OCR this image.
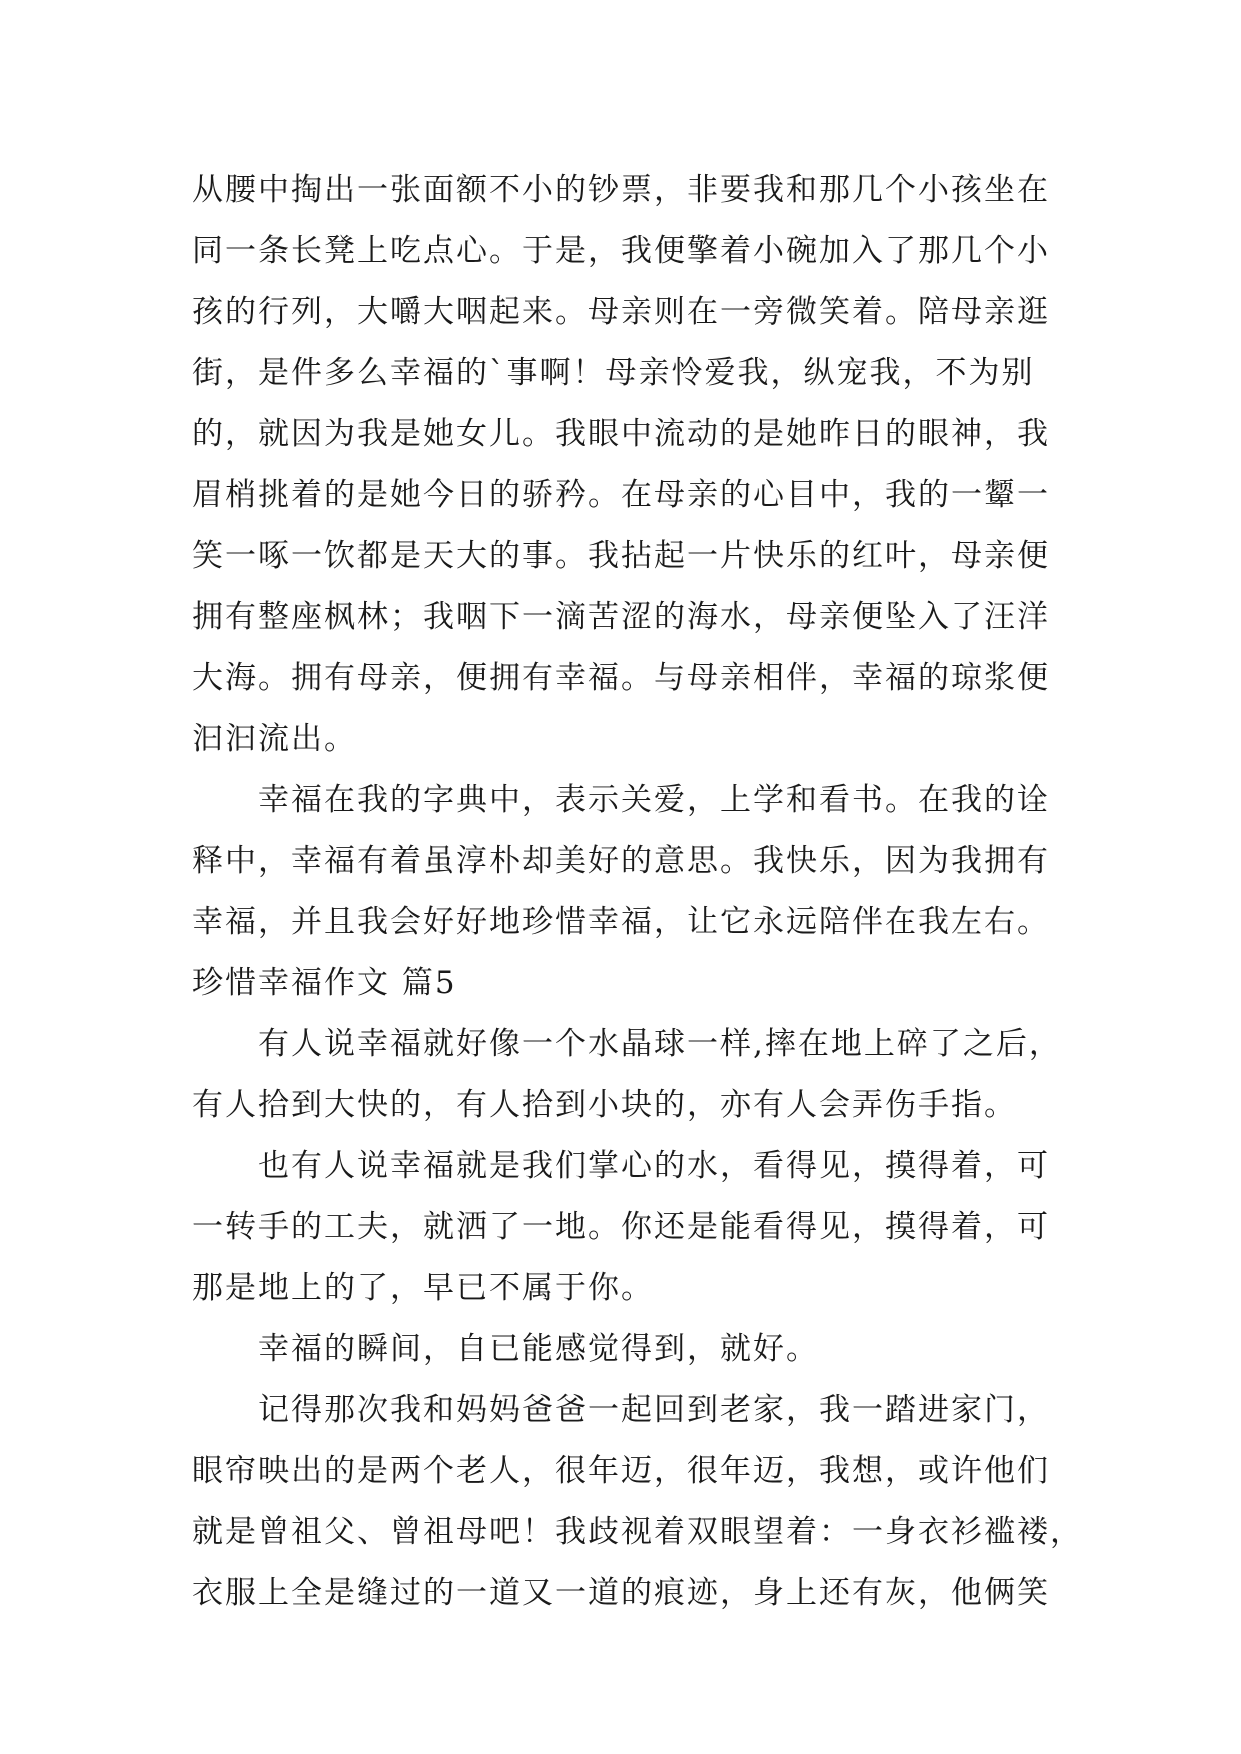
从腰中掏出一张面额不小的钞票，非要我和那几个小孩坐在
同一条长凳上吃点心。于是，我便擎着小碗加入了那几个小
孩的行列，大嚼大咽起来。母亲则在一旁微笑着。陪母亲逛
街，是件多么幸福的`事啊！母亲怜爱我，纵宠我，不为别
的，就因为我是她女儿。我眼中流动的是她昨日的眼神，我
眉梢挑着的是她今日的骄矜。在母亲的心目中，我的一颦一
笑一啄一饮都是天大的事。我拈起一片快乐的红叶，母亲便
拥有整座枫林；我咽下一滴苦涩的海水，母亲便坠入了汪洋
大海。拥有母亲，便拥有幸福。与母亲相伴，幸福的琼浆便
汩汩流出。
幸福在我的字典中，表示关爱，上学和看书。在我的诠
释中，幸福有着虽淳朴却美好的意思。我快乐，因为我拥有
幸福，并且我会好好地珍惜幸福，让它永远陪伴在我左右。
珍惜幸福作文 篇5
有人说幸福就好像一个水晶球一样,摔在地上碎了之后，
有人拾到大快的，有人拾到小块的，亦有人会弄伤手指。
也有人说幸福就是我们掌心的水，看得见，摸得着，可
一转手的工夫，就洒了一地。你还是能看得见，摸得着，可
那是地上的了，早已不属于你。
幸福的瞬间，自已能感觉得到，就好。
记得那次我和妈妈爸爸一起回到老家，我一踏进家门，
眼帘映出的是两个老人，很年迈，很年迈，我想，或许他们
就是曾祖父、曾祖母吧！我歧视着双眼望着：一身衣衫褴褛，
衣服上全是缝过的一道又一道的痕迹，身上还有灰，他俩笑
